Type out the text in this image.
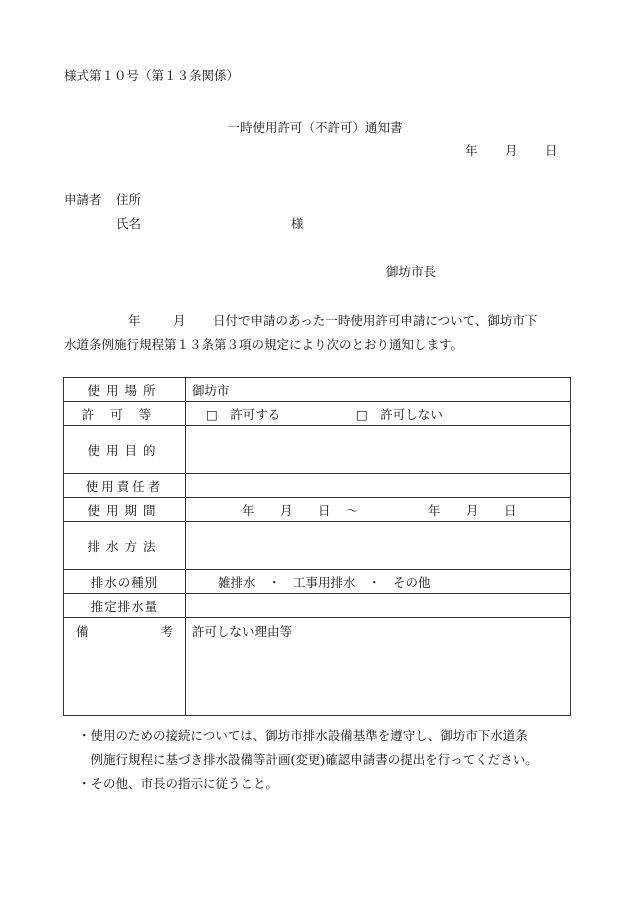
様式第１０号（第１３条関係）
一時使用許可（不許可）通知書
年 月 日
申請者 住所
氏名	様
御坊市長
年	月 日付で申請のあった一時使用許可申請について、御坊市下
水道条例施行規程第１３条第３項の規定により次のとおり通知します。
使用場所	御坊市
許可等	□　許可する □　許可しない
使用目的	
使用責任者	
使用期間	年 月 日 ～ 年 月 日
排水方法	
排水の種別	雑排水　・　工事用排水　・　その他
推定排水量	

備 考	許可しない理由等
・使用のための接続については、御坊市排水設備基準を遵守し、御坊市下水道条
　例施行規程に基づき排水設備等計画(変更)確認申請書の提出を行ってください。
・その他、市長の指示に従うこと。
